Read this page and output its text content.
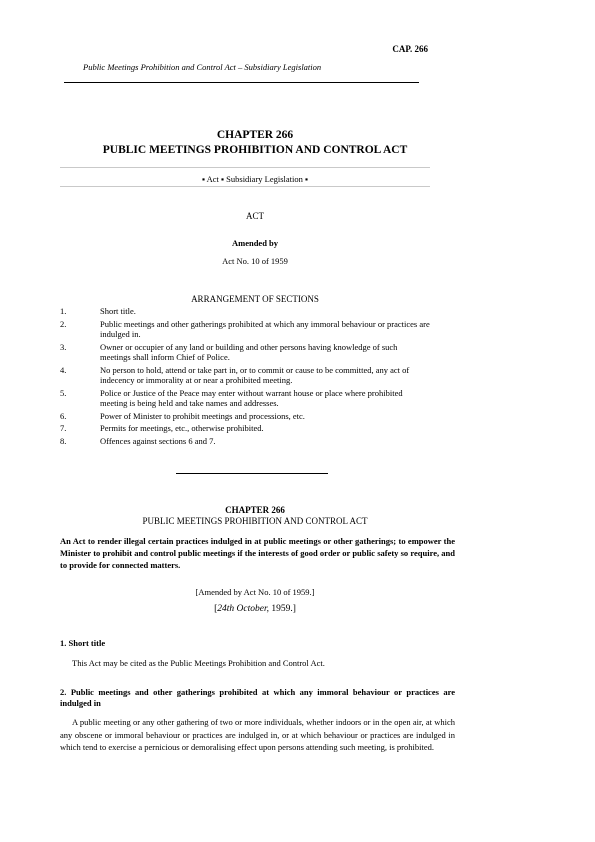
CAP. 266
Public Meetings Prohibition and Control Act – Subsidiary Legislation
CHAPTER 266
PUBLIC MEETINGS PROHIBITION AND CONTROL ACT
▪ Act ▪ Subsidiary Legislation ▪
ACT
Amended by
Act No. 10 of 1959
ARRANGEMENT OF SECTIONS
1.	Short title.
2.	Public meetings and other gatherings prohibited at which any immoral behaviour or practices are indulged in.
3.	Owner or occupier of any land or building and other persons having knowledge of such meetings shall inform Chief of Police.
4.	No person to hold, attend or take part in, or to commit or cause to be committed, any act of indecency or immorality at or near a prohibited meeting.
5.	Police or Justice of the Peace may enter without warrant house or place where prohibited meeting is being held and take names and addresses.
6.	Power of Minister to prohibit meetings and processions, etc.
7.	Permits for meetings, etc., otherwise prohibited.
8.	Offences against sections 6 and 7.
CHAPTER 266
PUBLIC MEETINGS PROHIBITION AND CONTROL ACT
An Act to render illegal certain practices indulged in at public meetings or other gatherings; to empower the Minister to prohibit and control public meetings if the interests of good order or public safety so require, and to provide for connected matters.
[Amended by Act No. 10 of 1959.]
[24th October, 1959.]
1. Short title
This Act may be cited as the Public Meetings Prohibition and Control Act.
2. Public meetings and other gatherings prohibited at which any immoral behaviour or practices are indulged in
A public meeting or any other gathering of two or more individuals, whether indoors or in the open air, at which any obscene or immoral behaviour or practices are indulged in, or at which behaviour or practices are indulged in which tend to exercise a pernicious or demoralising effect upon persons attending such meeting, is prohibited.
